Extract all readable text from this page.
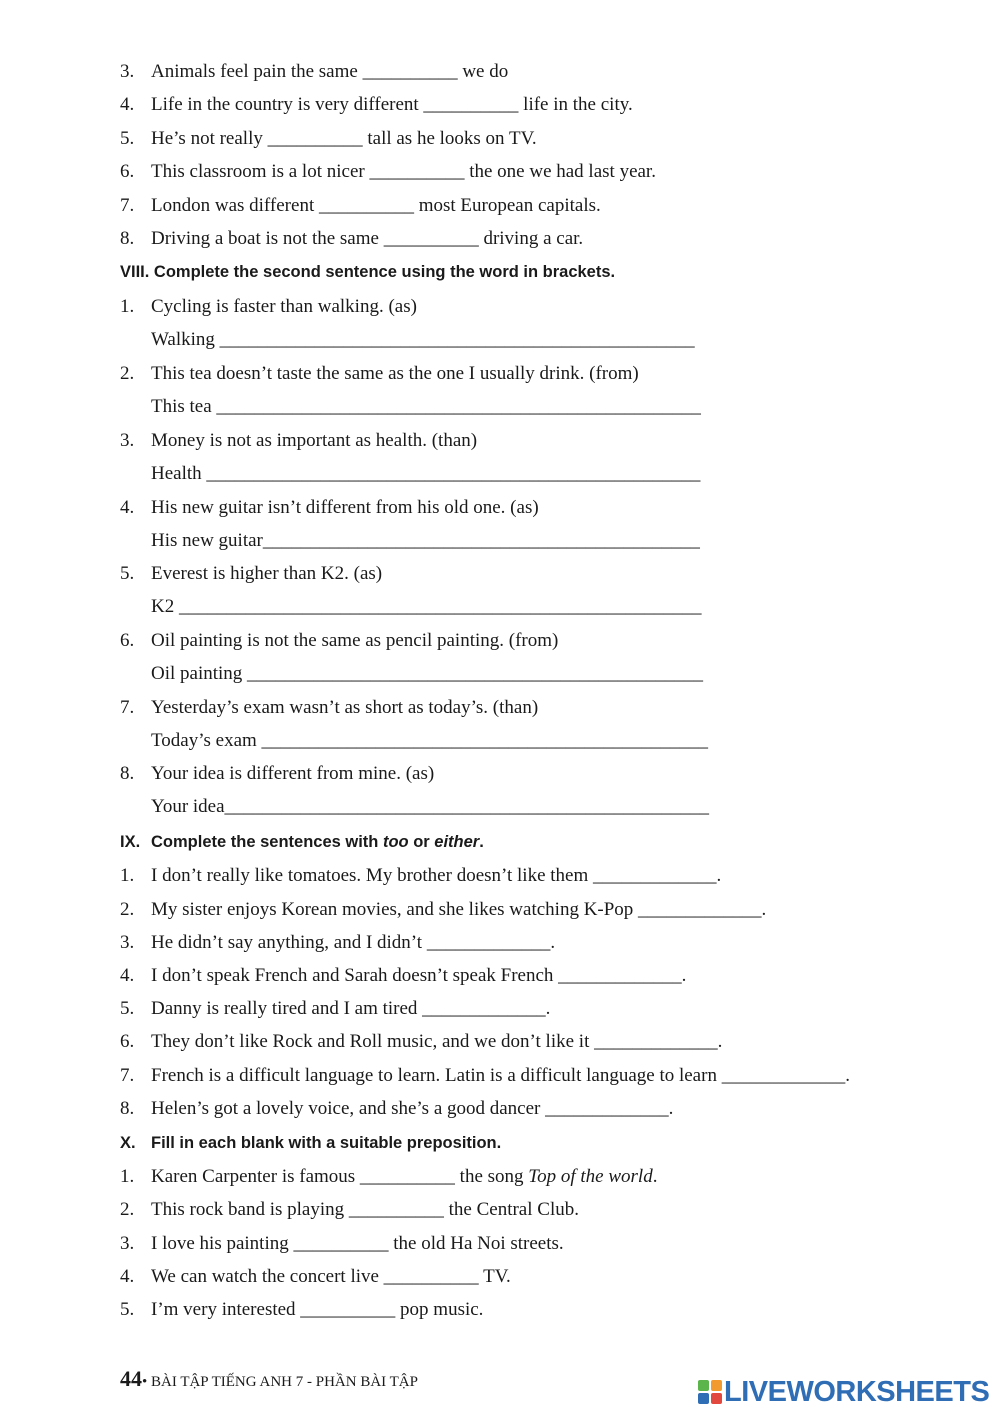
3. Animals feel pain the same __________ we do
4. Life in the country is very different __________ life in the city.
5. He’s not really __________ tall as he looks on TV.
6. This classroom is a lot nicer __________ the one we had last year.
7. London was different __________ most European capitals.
8. Driving a boat is not the same __________ driving a car.
VIII. Complete the second sentence using the word in brackets.
1. Cycling is faster than walking. (as)
Walking __________________________________________________
2. This tea doesn’t taste the same as the one I usually drink. (from)
This tea ___________________________________________________
3. Money is not as important as health. (than)
Health ____________________________________________________
4. His new guitar isn’t different from his old one. (as)
His new guitar______________________________________________
5. Everest is higher than K2. (as)
K2 _______________________________________________________
6. Oil painting is not the same as pencil painting. (from)
Oil painting ________________________________________________
7. Yesterday’s exam wasn’t as short as today’s. (than)
Today’s exam _______________________________________________
8. Your idea is different from mine. (as)
Your idea___________________________________________________
IX. Complete the sentences with too or either.
1. I don’t really like tomatoes. My brother doesn’t like them _____________.
2. My sister enjoys Korean movies, and she likes watching K-Pop _____________.
3. He didn’t say anything, and I didn’t _____________.
4. I don’t speak French and Sarah doesn’t speak French _____________.
5. Danny is really tired and I am tired _____________.
6. They don’t like Rock and Roll music, and we don’t like it _____________.
7. French is a difficult language to learn. Latin is a difficult language to learn _____________.
8. Helen’s got a lovely voice, and she’s a good dancer _____________.
X. Fill in each blank with a suitable preposition.
1. Karen Carpenter is famous __________ the song Top of the world.
2. This rock band is playing __________ the Central Club.
3. I love his painting __________ the old Ha Noi streets.
4. We can watch the concert live __________ TV.
5. I’m very interested __________ pop music.
44• BÀI TẬP TIẾNG ANH 7 - PHẦN BÀI TẬP	LIVEWORKSHEETS
